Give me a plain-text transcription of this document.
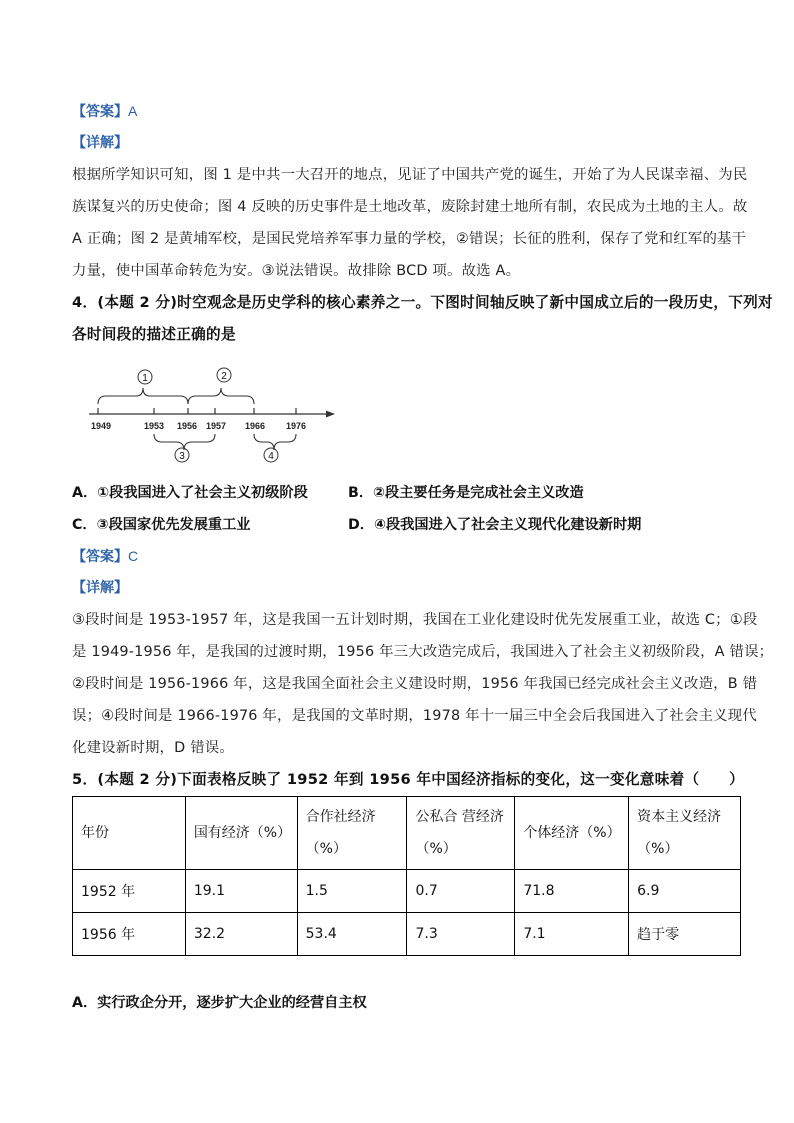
【答案】A
【详解】
根据所学知识可知，图 1 是中共一大召开的地点，见证了中国共产党的诞生，开始了为人民谋幸福、为民
族谋复兴的历史使命；图 4 反映的历史事件是土地改革，废除封建土地所有制，农民成为土地的主人。故
A 正确；图 2 是黄埔军校，是国民党培养军事力量的学校，②错误；长征的胜利，保存了党和红军的基干
力量，使中国革命转危为安。③说法错误。故排除 BCD 项。故选 A。
4．(本题 2 分)时空观念是历史学科的核心素养之一。下图时间轴反映了新中国成立后的一段历史，下列对
各时间段的描述正确的是
1949	1953 1956 1957 1966 1976
1	2
3	4
A．①段我国进入了社会主义初级阶段	B．②段主要任务是完成社会主义改造
C．③段国家优先发展重工业	D．④段我国进入了社会主义现代化建设新时期
【答案】C
【详解】
③段时间是 1953-1957 年，这是我国一五计划时期，我国在工业化建设时优先发展重工业，故选 C；①段
是 1949-1956 年，是我国的过渡时期，1956 年三大改造完成后，我国进入了社会主义初级阶段，A 错误；
②段时间是 1956-1966 年，这是我国全面社会主义建设时期，1956 年我国已经完成社会主义改造，B 错
误；④段时间是 1966-1976 年，是我国的文革时期，1978 年十一届三中全会后我国进入了社会主义现代
化建设新时期，D 错误。
5．(本题 2 分)下面表格反映了 1952 年到 1956 年中国经济指标的变化，这一变化意味着（　　）
年份	国有经济（%）	合作社经济
（%）	公私合 营经济
（%）	个体经济（%）	资本主义经济
（%）
1952 年	19.1	1.5	0.7	71.8	6.9
1956 年	32.2	53.4	7.3	7.1	趋于零
A．实行政企分开，逐步扩大企业的经营自主权
